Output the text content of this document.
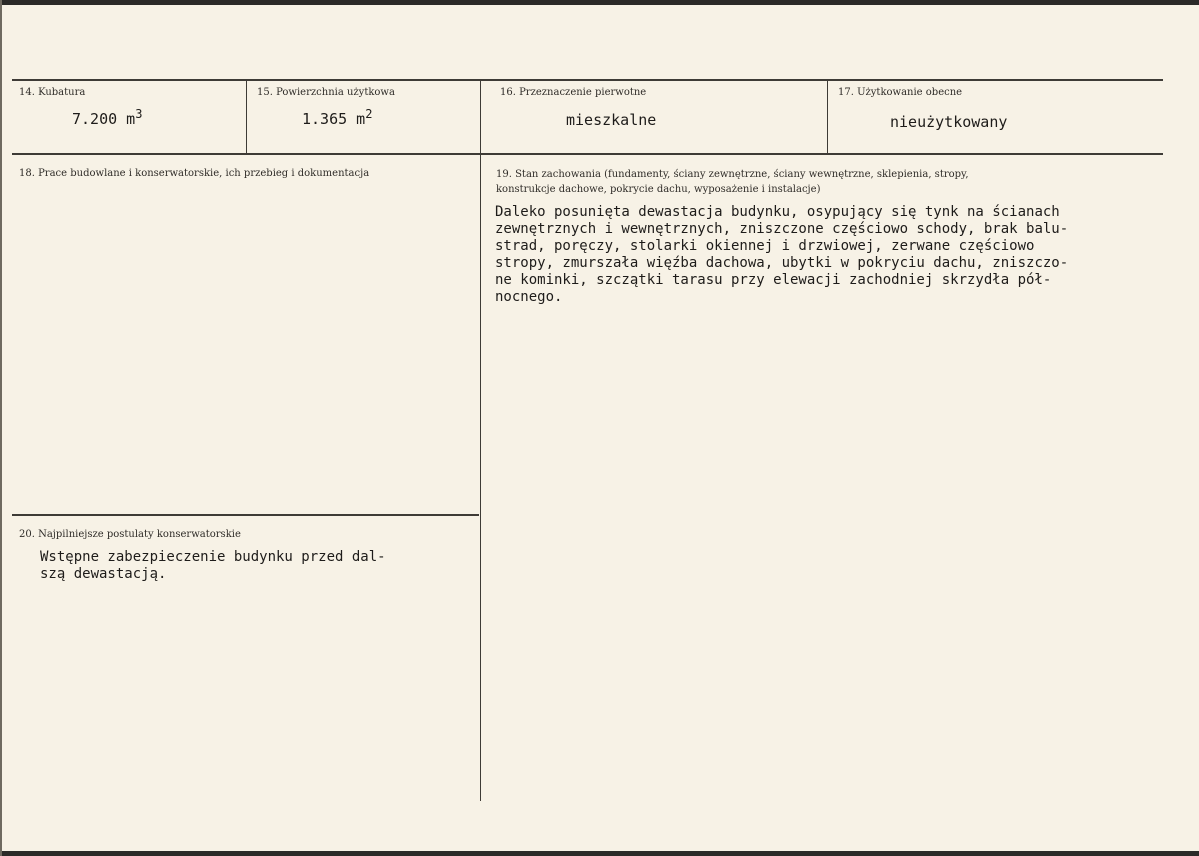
14. Kubatura
7.200 $m^3$
15. Powierzchnia użytkowa
1.365 $m^2$
16. Przeznaczenie pierwotne
mieszkalne
17. Użytkowanie obecne
nieużytkowany
18. Prace budowlane i konserwatorskie, ich przebieg i dokumentacja	19. Stan zachowania (fundamenty, ściany zewnętrzne, ściany wewnętrzne, sklepienia, stropy,
konstrukcje dachowe, pokrycie dachu, wyposażenie i instalacje)
Daleko posunięta dewastacja budynku, osypujący się tynk na ścianach
zewnętrznych i wewnętrznych, zniszczone częściowo schody, brak balu-
strad, poręczy, stolarki okiennej i drzwiowej, zerwane częściowo
stropy, zmurszała więźba dachowa, ubytki w pokryciu dachu, zniszczo-
ne kominki, szczątki tarasu przy elewacji zachodniej skrzydła pół-
nocnego.
20. Najpilniejsze postulaty konserwatorskie
Wstępne zabezpieczenie budynku przed dal-
szą dewastacją.
